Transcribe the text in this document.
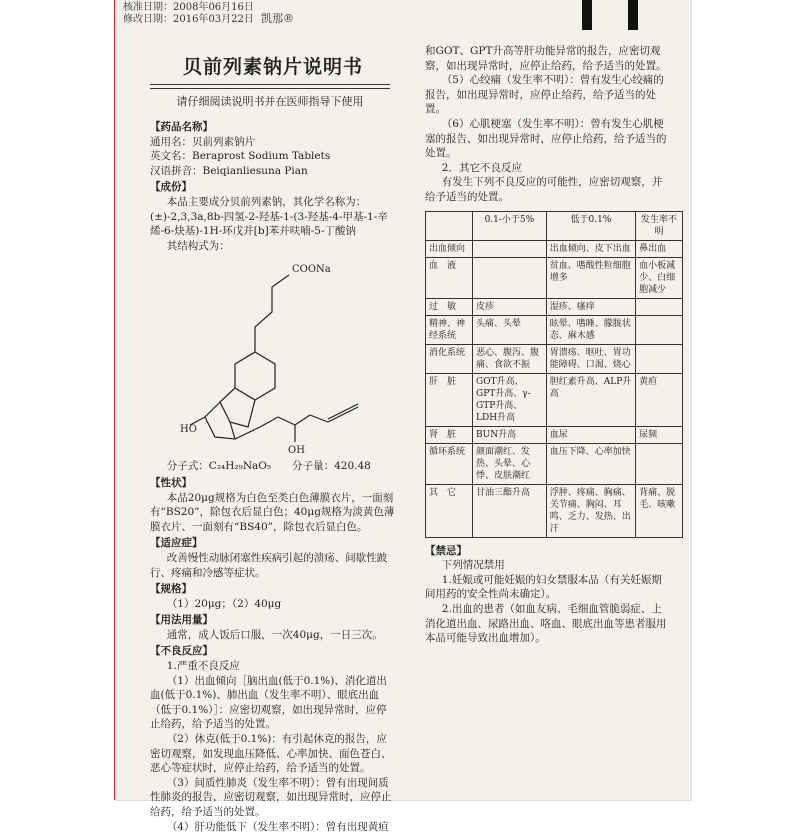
核准日期：2008年06月16日
修改日期：2016年03月22日 凯那®
贝前列素钠片说明书
请仔细阅读说明书并在医师指导下使用
【药品名称】

通用名：贝前列素钠片

英文名：Beraprost Sodium Tablets

汉语拼音：Beiqianliesuna Pian

【成份】

本品主要成分贝前列素钠，其化学名称为：(±)-2,3,3a,8b-四氢-2-羟基-1-(3-羟基-4-甲基-1-辛烯-6-炔基)-1H-环戊并[b]苯并呋喃-5-丁酸钠

其结构式为：

COONa
HO
OH

分子式：C₂₄H₂₉NaO₅　　分子量：420.48

【性状】

本品20μg规格为白色至类白色薄膜衣片，一面刻有“BS20”，除包衣后显白色；40μg规格为淡黄色薄膜衣片、一面刻有“BS40”，除包衣后显白色。

【适应症】

改善慢性动脉闭塞性疾病引起的溃疡、间歇性跛行、疼痛和冷感等症状。

【规格】

（1）20μg；（2）40μg

【用法用量】

通常，成人饭后口服，一次40μg，一日三次。

【不良反应】

1.严重不良反应

（1）出血倾向［脑出血(低于0.1%)、消化道出血(低于0.1%)、肺出血（发生率不明）、眼底出血（低于0.1%）］：应密切观察，如出现异常时，应停止给药，给予适当的处置。

（2）休克(低于0.1%)：有引起休克的报告，应密切观察，如发现血压降低、心率加快、面色苍白、恶心等症状时，应停止给药，给予适当的处置。

（3）间质性肺炎（发生率不明）：曾有出现间质性肺炎的报告，应密切观察，如出现异常时，应停止给药，给予适当的处置。

（4）肝功能低下（发生率不明）：曾有出现黄疸

和GOT、GPT升高等肝功能异常的报告，应密切观察，如出现异常时，应停止给药，给予适当的处置。

（5）心绞痛（发生率不明）：曾有发生心绞痛的报告，如出现异常时，应停止给药，给予适当的处置。

（6）心肌梗塞（发生率不明）：曾有发生心肌梗塞的报告、如出现异常时，应停止给药，给予适当的处置。

2．其它不良反应

有发生下列不良反应的可能性，应密切观察，并给予适当的处置。

	0.1-小于5%	低于0.1%	发生率不明
出血倾向		出血倾向、皮下出血	鼻出血
血　液		贫血、嗜酸性粒细胞增多	血小板减少、白细胞减少
过　敏	皮疹	湿疹、瘙痒	
精神、神经系统	头痛、头晕	眩晕、嗜睡、朦胧状态、麻木感	
消化系统	恶心、腹泻、腹痛、食欲不振	胃溃疡、呕吐、胃功能障碍、口渴、烧心	
肝　脏	GOT升高、GPT升高、γ-GTP升高、LDH升高	胆红素升高、ALP升高	黄疸
肾　脏	BUN升高	血尿	尿频
循环系统	颜面潮红、发热、头晕、心悸、皮肤潮红	血压下降、心率加快	
其　它	甘油三酯升高	浮肿、疼痛、胸痛、关节痛、胸闷、耳鸣、乏力、发热、出汗	背痛、脱毛、咳嗽
【禁忌】

下列情况禁用

1.妊娠或可能妊娠的妇女禁服本品（有关妊娠期间用药的安全性尚未确定）。

2.出血的患者（如血友病、毛细血管脆弱症、上消化道出血、尿路出血、咯血、眼底出血等患者服用本品可能导致出血增加）。
